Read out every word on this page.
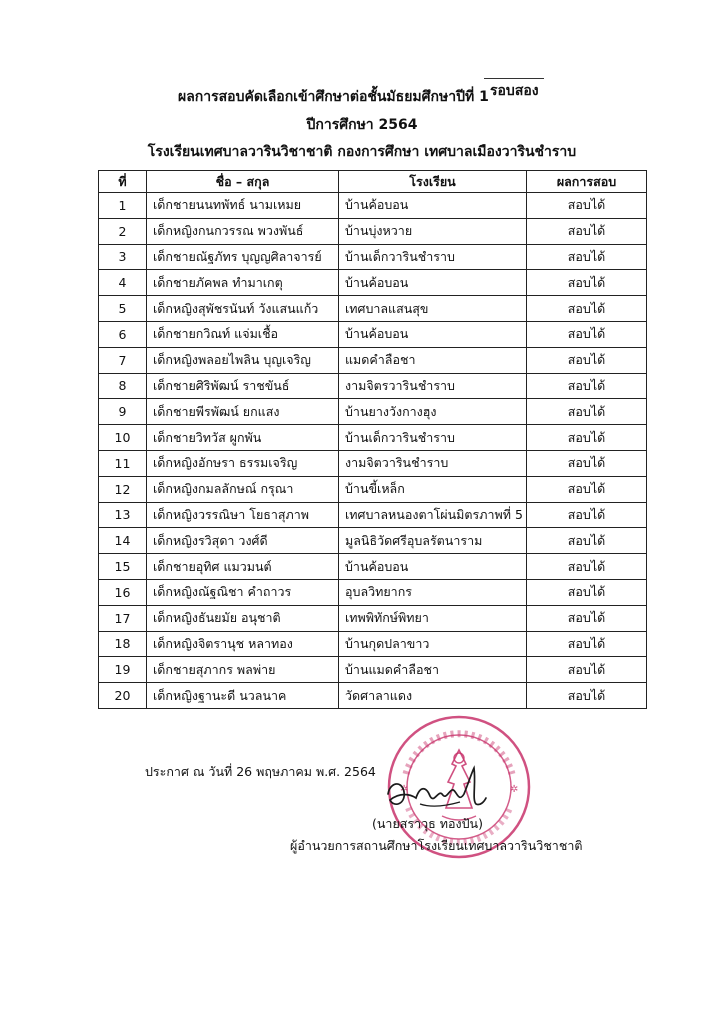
ผลการสอบคัดเลือกเข้าศึกษาต่อชั้นมัธยมศึกษาปีที่ 1 รอบสอง
ปีการศึกษา 2564
โรงเรียนเทศบาลวารินวิชาชาติ กองการศึกษา เทศบาลเมืองวารินชำราบ
ที่	ชื่อ – สกุล	โรงเรียน	ผลการสอบ
1	เด็กชายนนทพัทธ์ นามเหมย	บ้านค้อบอน	สอบได้
2	เด็กหญิงกนกวรรณ พวงพันธ์	บ้านบุ่งหวาย	สอบได้
3	เด็กชายณัฐภัทร บุญญศิลาจารย์	บ้านเด็กวารินชำราบ	สอบได้
4	เด็กชายภัคพล ทำมาเกตุ	บ้านค้อบอน	สอบได้
5	เด็กหญิงสุพัชรนันท์ วังแสนแก้ว	เทศบาลแสนสุข	สอบได้
6	เด็กชายกวิณท์ แจ่มเชื้อ	บ้านค้อบอน	สอบได้
7	เด็กหญิงพลอยไพลิน บุญเจริญ	แมดคำลือชา	สอบได้
8	เด็กชายศิริพัฒน์ ราชขันธ์	งามจิตรวารินชำราบ	สอบได้
9	เด็กชายพีรพัฒน์ ยกแสง	บ้านยางวังกางฮุง	สอบได้
10	เด็กชายวิทวัส ผูกพัน	บ้านเด็กวารินชำราบ	สอบได้
11	เด็กหญิงอักษรา ธรรมเจริญ	งามจิตวารินชำราบ	สอบได้
12	เด็กหญิงกมลลักษณ์ กรุณา	บ้านขี้เหล็ก	สอบได้
13	เด็กหญิงวรรณิษา โยธาสุภาพ	เทศบาลหนองตาโผ่นมิตรภาพที่ 5	สอบได้
14	เด็กหญิงรวิสุดา วงศ์ดี	มูลนิธิวัดศรีอุบลรัตนาราม	สอบได้
15	เด็กชายอุทิศ แมวมนต์	บ้านค้อบอน	สอบได้
16	เด็กหญิงณัฐณิชา คำถาวร	อุบลวิทยากร	สอบได้
17	เด็กหญิงธันยมัย อนุชาติ	เทพพิทักษ์พิทยา	สอบได้
18	เด็กหญิงจิตรานุช หลาทอง	บ้านกุดปลาขาว	สอบได้
19	เด็กชายสุภากร พลพ่าย	บ้านแมดคำลือชา	สอบได้
20	เด็กหญิงฐานะดี นวลนาค	วัดศาลาแดง	สอบได้
✲	✲
ประกาศ ณ วันที่ 26 พฤษภาคม พ.ศ. 2564
(นายสราวุธ ทองปัน)
ผู้อำนวยการสถานศึกษาโรงเรียนเทศบาลวารินวิชาชาติ
